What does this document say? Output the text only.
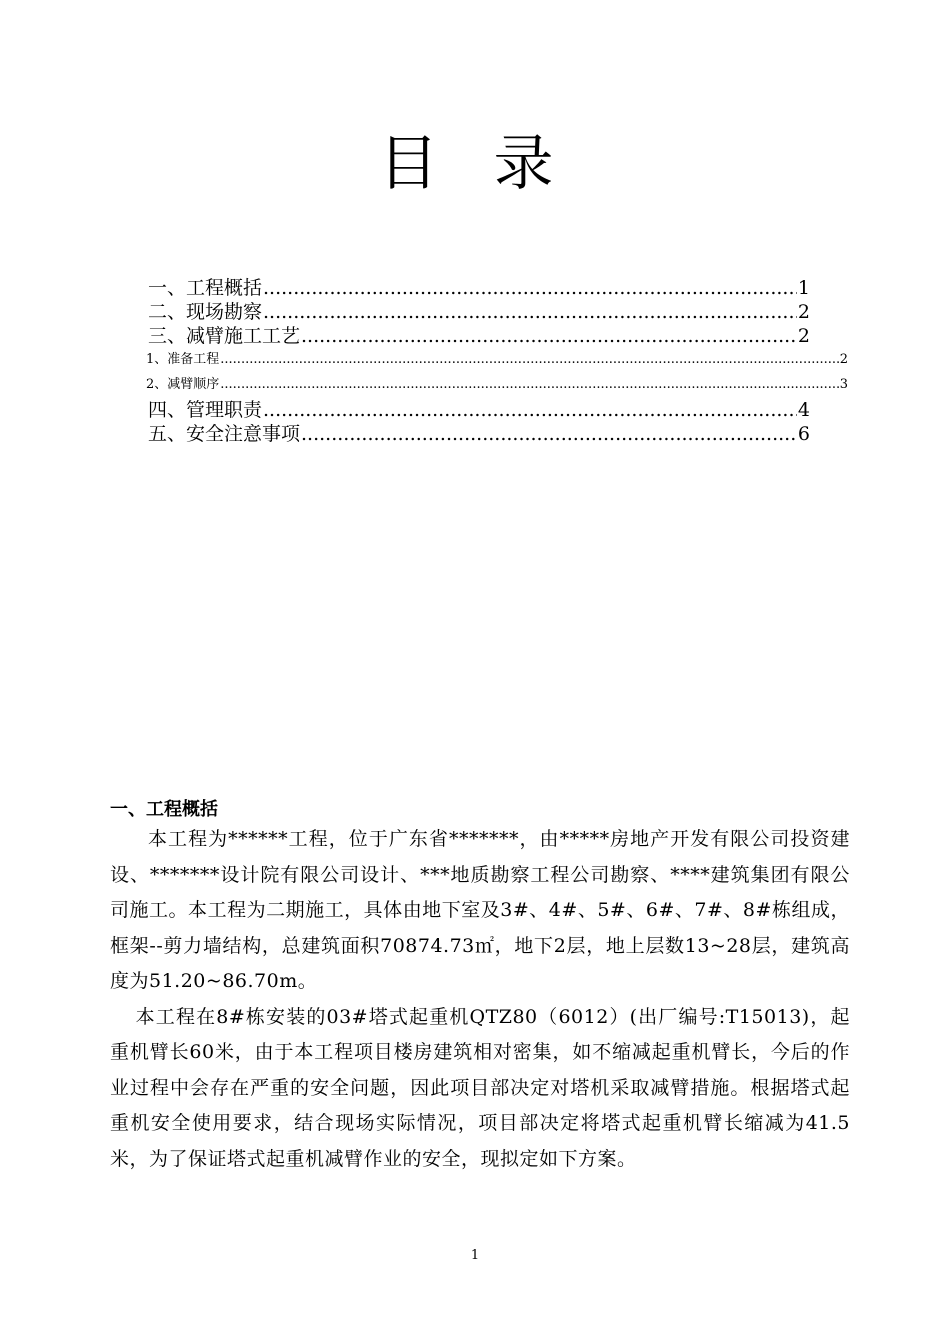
目 录
一、工程概括 .....	1
二、现场勘察 .....	2
三、减臂施工工艺 .....	2
1、准备工程 .....	2
2、减臂顺序 .....	3
四、管理职责 .....	4
五、安全注意事项 .....	6
一、工程概括

本工程为******工程，位于广东省*******，由*****房地产开发有限公司投资建设、*******设计院有限公司设计、***地质勘察工程公司勘察、****建筑集团有限公司施工。本工程为二期施工，具体由地下室及3#、4#、5#、6#、7#、8#栋组成，框架--剪力墙结构，总建筑面积70874.73㎡，地下2层，地上层数13~28层，建筑高度为51.20~86.70m。

本工程在8#栋安装的03#塔式起重机QTZ80（6012）(出厂编号:T15013)，起重机臂长60米，由于本工程项目楼房建筑相对密集，如不缩减起重机臂长，今后的作业过程中会存在严重的安全问题，因此项目部决定对塔机采取减臂措施。根据塔式起重机安全使用要求，结合现场实际情况，项目部决定将塔式起重机臂长缩减为41.5米，为了保证塔式起重机减臂作业的安全，现拟定如下方案。

1
